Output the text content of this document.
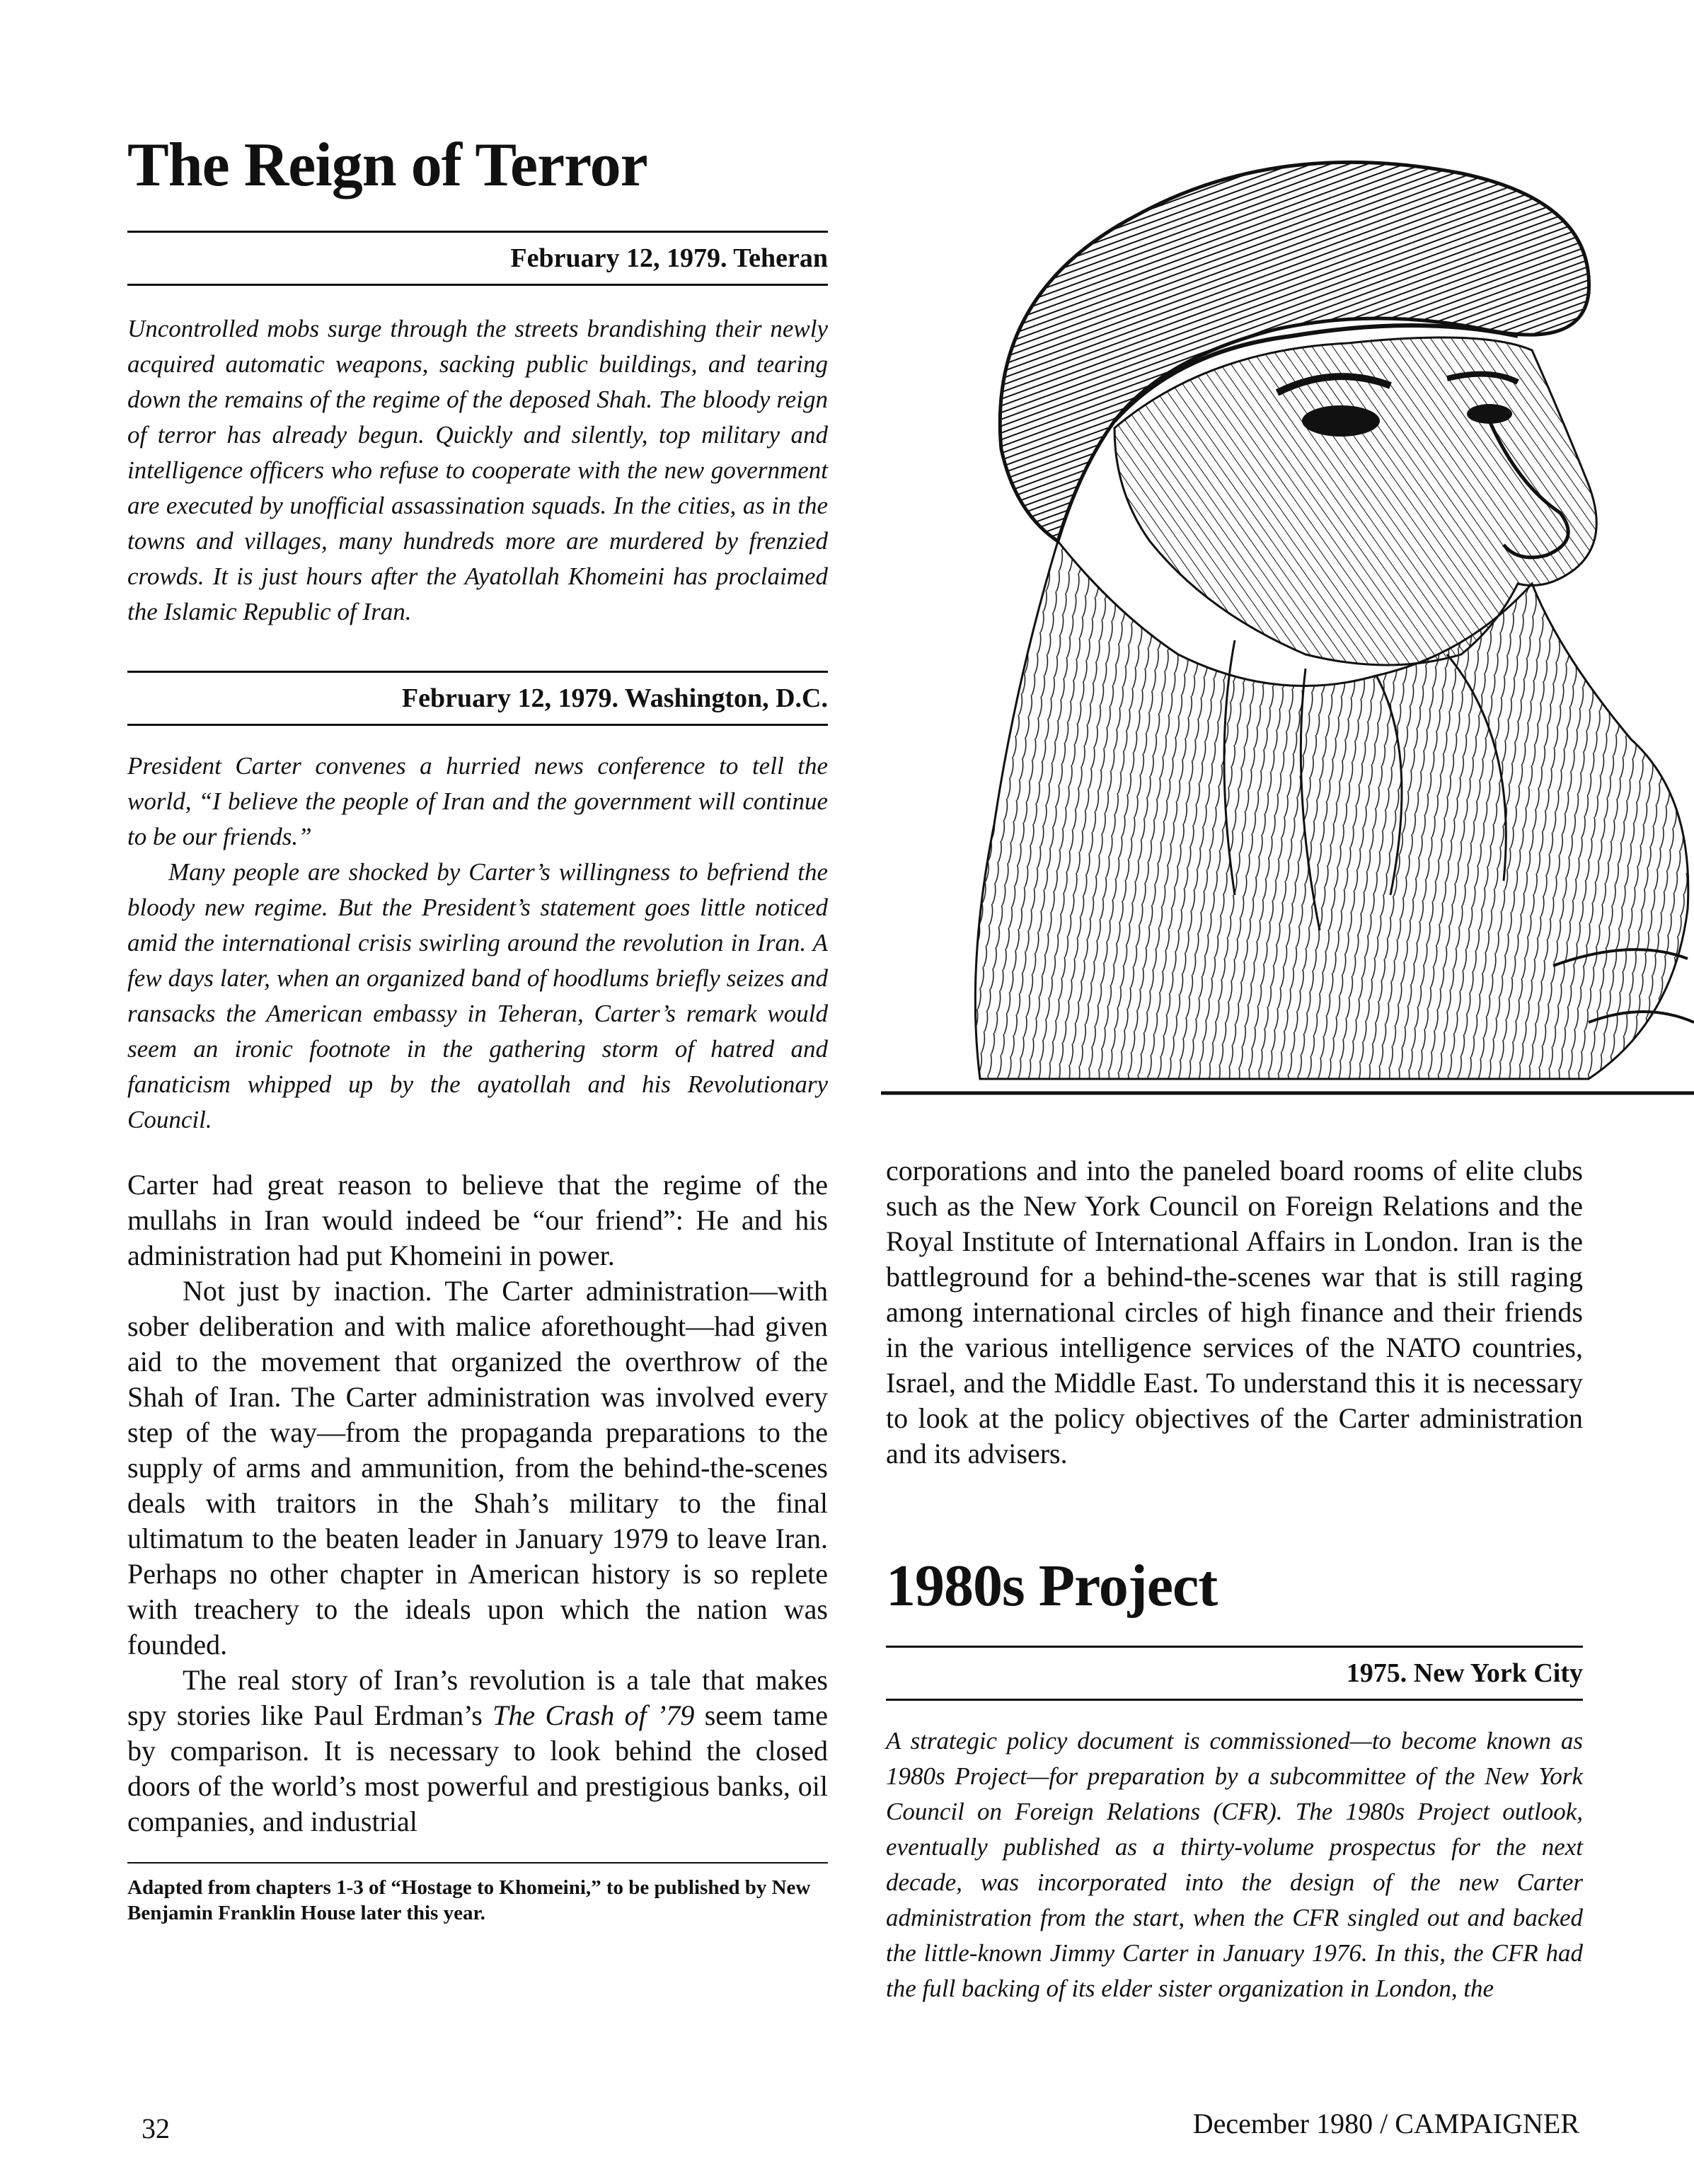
The Reign of Terror
February 12, 1979. Teheran

Uncontrolled mobs surge through the streets brandishing their newly acquired automatic weapons, sacking public buildings, and tearing down the remains of the regime of the deposed Shah. The bloody reign of terror has already begun. Quickly and silently, top military and intelligence officers who refuse to cooperate with the new government are executed by unofficial assassination squads. In the cities, as in the towns and villages, many hundreds more are murdered by frenzied crowds. It is just hours after the Ayatollah Khomeini has proclaimed the Islamic Republic of Iran.

February 12, 1979. Washington, D.C.

President Carter convenes a hurried news conference to tell the world, “I believe the people of Iran and the government will continue to be our friends.”

Many people are shocked by Carter’s willingness to befriend the bloody new regime. But the President’s statement goes little noticed amid the international crisis swirling around the revolution in Iran. A few days later, when an organized band of hoodlums briefly seizes and ransacks the American embassy in Teheran, Carter’s remark would seem an ironic footnote in the gathering storm of hatred and fanaticism whipped up by the ayatollah and his Revolutionary Council.

Carter had great reason to believe that the regime of the mullahs in Iran would indeed be “our friend”: He and his administration had put Khomeini in power.

Not just by inaction. The Carter administration—with sober deliberation and with malice aforethought—had given aid to the movement that organized the overthrow of the Shah of Iran. The Carter administration was involved every step of the way—from the propaganda preparations to the supply of arms and ammunition, from the behind-the-scenes deals with traitors in the Shah’s military to the final ultimatum to the beaten leader in January 1979 to leave Iran. Perhaps no other chapter in American history is so replete with treachery to the ideals upon which the nation was founded.

The real story of Iran’s revolution is a tale that makes spy stories like Paul Erdman’s The Crash of ’79 seem tame by comparison. It is necessary to look behind the closed doors of the world’s most powerful and prestigious banks, oil companies, and industrial

Adapted from chapters 1-3 of “Hostage to Khomeini,” to be published by New Benjamin Franklin House later this year.

corporations and into the paneled board rooms of elite clubs such as the New York Council on Foreign Relations and the Royal Institute of International Affairs in London. Iran is the battleground for a behind-the-scenes war that is still raging among international circles of high finance and their friends in the various intelligence services of the NATO countries, Israel, and the Middle East. To understand this it is necessary to look at the policy objectives of the Carter administration and its advisers.

1980s Project
1975. New York City

A strategic policy document is commissioned—to become known as 1980s Project—for preparation by a subcommittee of the New York Council on Foreign Relations (CFR). The 1980s Project outlook, eventually published as a thirty-volume prospectus for the next decade, was incorporated into the design of the new Carter administration from the start, when the CFR singled out and backed the little-known Jimmy Carter in January 1976. In this, the CFR had the full backing of its elder sister organization in London, the

32	December 1980 / CAMPAIGNER
